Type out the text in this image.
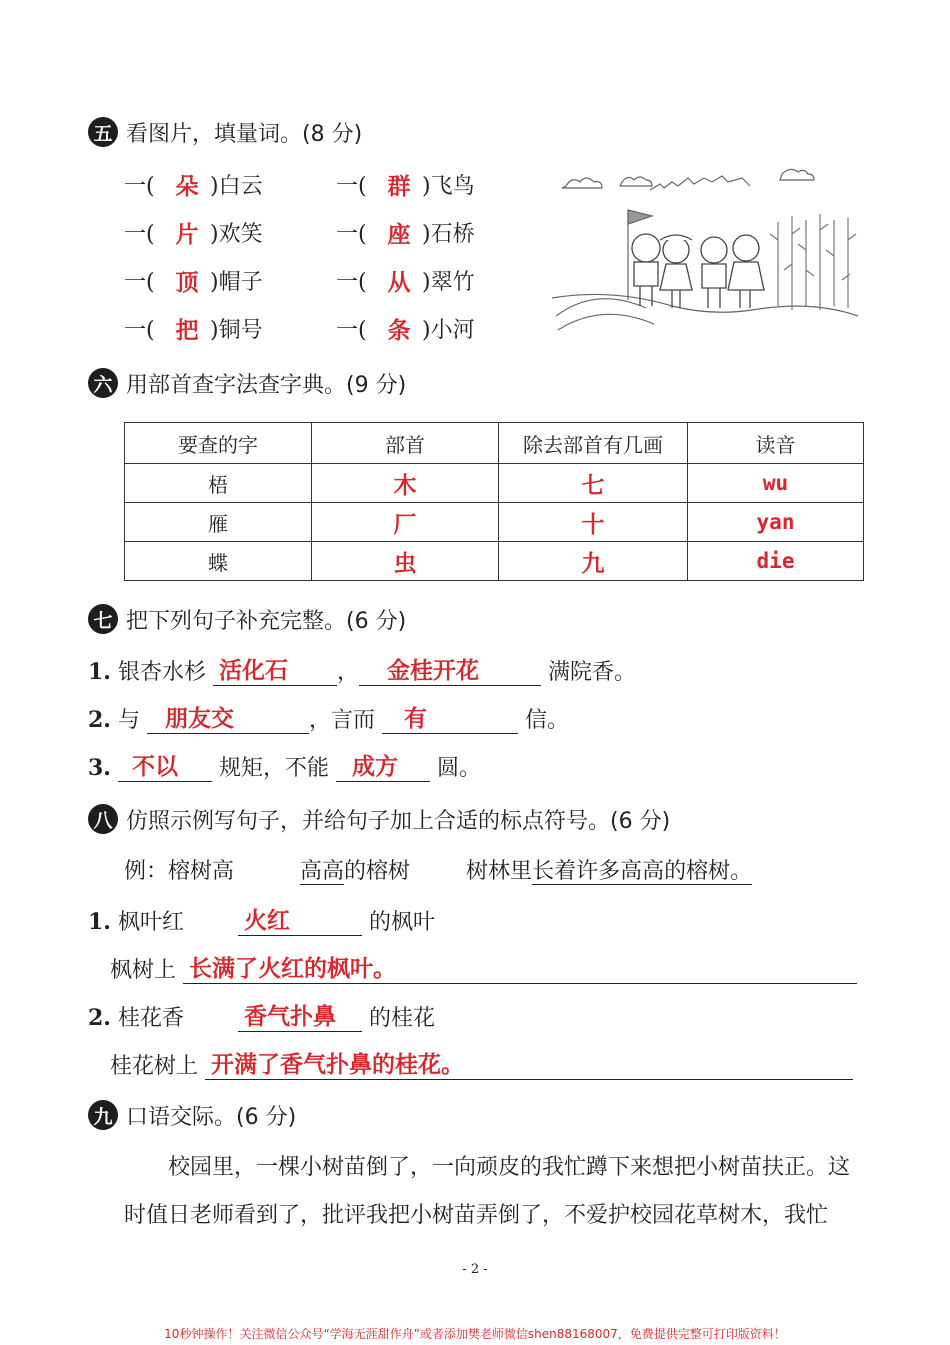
五 看图片，填量词。(8 分)
一( 朵 )白云	一( 群 )飞鸟
一( 片 )欢笑	一( 座 )石桥
一( 顶 )帽子	一( 从 )翠竹
一( 把 )铜号	一( 条 )小河
六 用部首查字法查字典。(9 分)
要查的字	部首	除去部首有几画	读音
梧	木	七	wu
雁	厂	十	yan
蝶	虫	九	die
七 把下列句子补充完整。(6 分)
1. 银杏水杉 活化石 ， 金桂开花	满院香。
2. 与 朋友交	，言而 有	信。
3. 不以 规矩，不能 成方 圆。
八 仿照示例写句子，并给句子加上合适的标点符号。(6 分)
例：榕树高	高高的榕树	树林里长着许多高高的榕树。
1. 枫叶红	火红	的枫叶
枫树上 长满了火红的枫叶。
2. 桂花香	香气扑鼻 的桂花
桂花树上 开满了香气扑鼻的桂花。
九 口语交际。(6 分)
校园里，一棵小树苗倒了，一向顽皮的我忙蹲下来想把小树苗扶正。这
时值日老师看到了，批评我把小树苗弄倒了，不爱护校园花草树木，我忙
- 2 -
10秒钟操作！关注微信公众号“学海无涯甜作舟”或者添加樊老师微信shen88168007，免费提供完整可打印版资料！
